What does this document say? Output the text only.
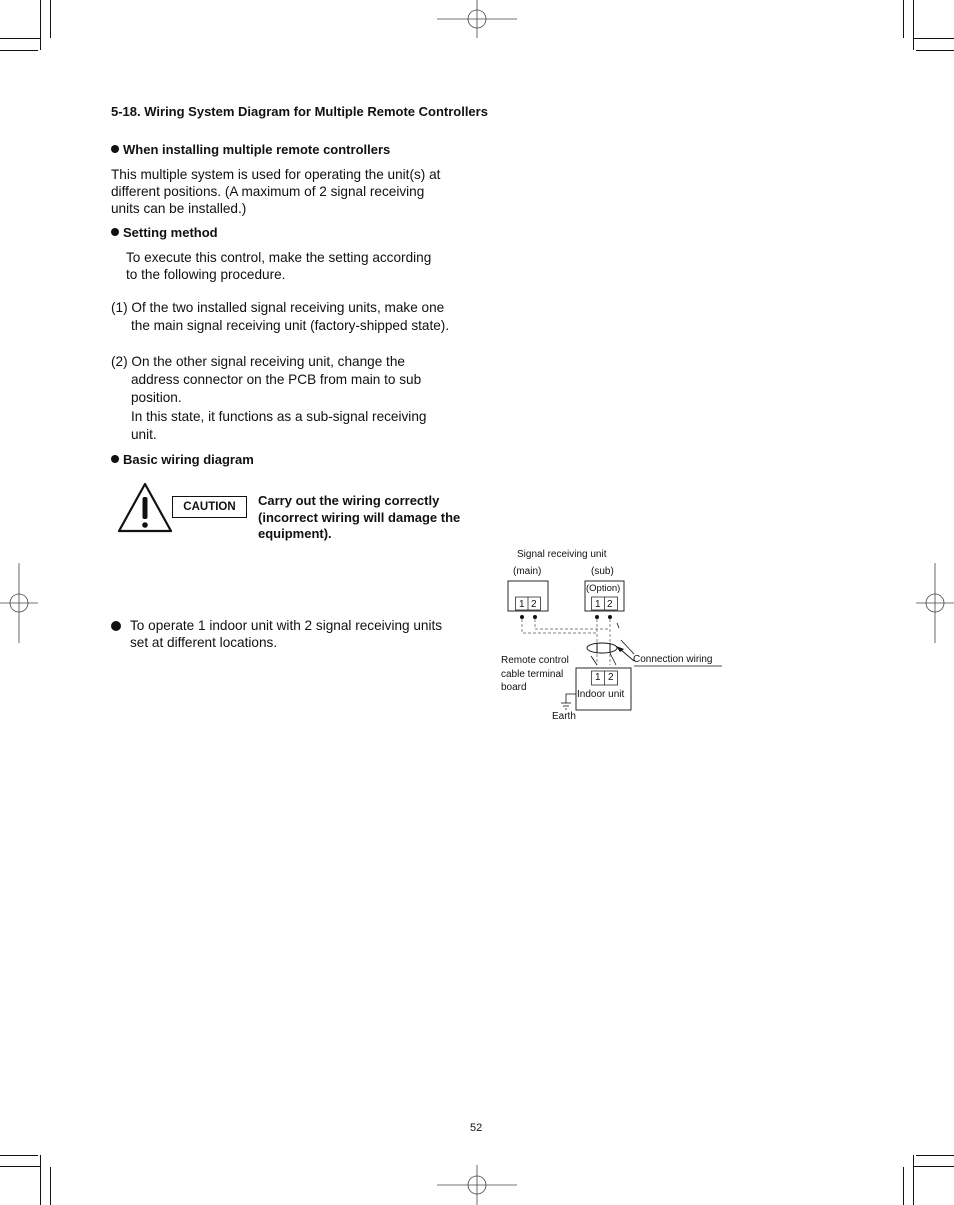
5-18. Wiring System Diagram for Multiple Remote Controllers
When installing multiple remote controllers
This multiple system is used for operating the unit(s) at different positions. (A maximum of 2 signal receiving units can be installed.)
Setting method
To execute this control, make the setting according to the following procedure.
(1) Of the two installed signal receiving units, make one the main signal receiving unit (factory-shipped state).
(2) On the other signal receiving unit, change the address connector on the PCB from main to sub position.
In this state, it functions as a sub-signal receiving unit.
Basic wiring diagram
CAUTION	Carry out the wiring correctly (incorrect wiring will damage the equipment).
To operate 1 indoor unit with 2 signal receiving units set at different locations.
Signal receiving unit
(main)	(sub)
(Option)
1 2	1 2
1 2
Remote control cable terminal board
Connection wiring
Indoor unit
Earth
52
